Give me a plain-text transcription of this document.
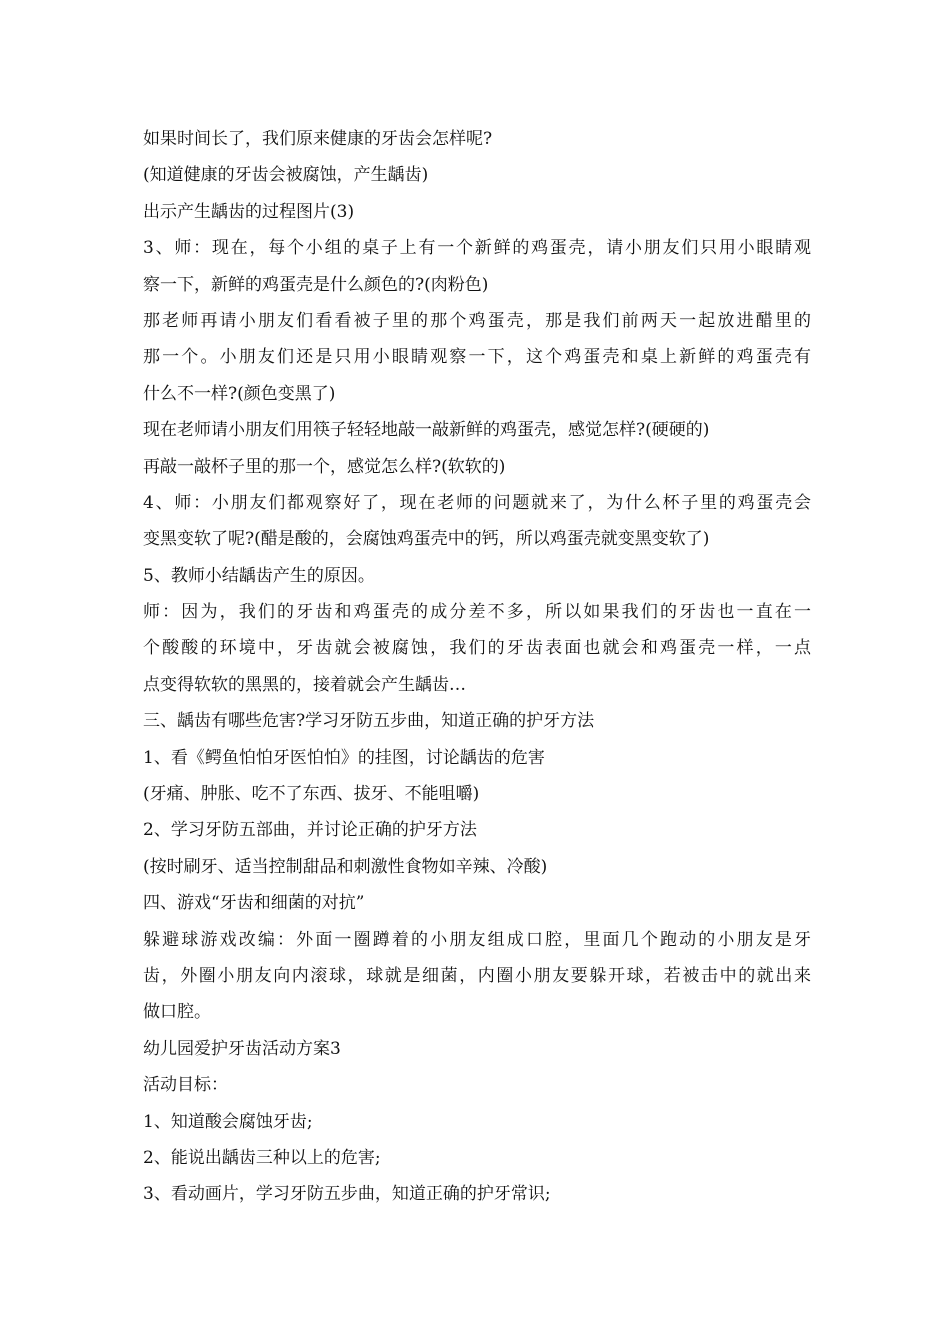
如果时间长了，我们原来健康的牙齿会怎样呢?
(知道健康的牙齿会被腐蚀，产生龋齿)
出示产生龋齿的过程图片(3)
3、师：现在，每个小组的桌子上有一个新鲜的鸡蛋壳，请小朋友们只用小眼睛观
察一下，新鲜的鸡蛋壳是什么颜色的?(肉粉色)
那老师再请小朋友们看看被子里的那个鸡蛋壳，那是我们前两天一起放进醋里的
那一个。小朋友们还是只用小眼睛观察一下，这个鸡蛋壳和桌上新鲜的鸡蛋壳有
什么不一样?(颜色变黑了)
现在老师请小朋友们用筷子轻轻地敲一敲新鲜的鸡蛋壳，感觉怎样?(硬硬的)
再敲一敲杯子里的那一个，感觉怎么样?(软软的)
4、师：小朋友们都观察好了，现在老师的问题就来了，为什么杯子里的鸡蛋壳会
变黑变软了呢?(醋是酸的，会腐蚀鸡蛋壳中的钙，所以鸡蛋壳就变黑变软了)
5、教师小结龋齿产生的原因。
师：因为，我们的牙齿和鸡蛋壳的成分差不多，所以如果我们的牙齿也一直在一
个酸酸的环境中，牙齿就会被腐蚀，我们的牙齿表面也就会和鸡蛋壳一样，一点
点变得软软的黑黑的，接着就会产生龋齿…
三、龋齿有哪些危害?学习牙防五步曲，知道正确的护牙方法
1、看《鳄鱼怕怕牙医怕怕》的挂图，讨论龋齿的危害
(牙痛、肿胀、吃不了东西、拔牙、不能咀嚼)
2、学习牙防五部曲，并讨论正确的护牙方法
(按时刷牙、适当控制甜品和刺激性食物如辛辣、冷酸)
四、游戏“牙齿和细菌的对抗”
躲避球游戏改编：外面一圈蹲着的小朋友组成口腔，里面几个跑动的小朋友是牙
齿，外圈小朋友向内滚球，球就是细菌，内圈小朋友要躲开球，若被击中的就出来
做口腔。
幼儿园爱护牙齿活动方案3
活动目标：
1、知道酸会腐蚀牙齿;
2、能说出龋齿三种以上的危害;
3、看动画片，学习牙防五步曲，知道正确的护牙常识;
